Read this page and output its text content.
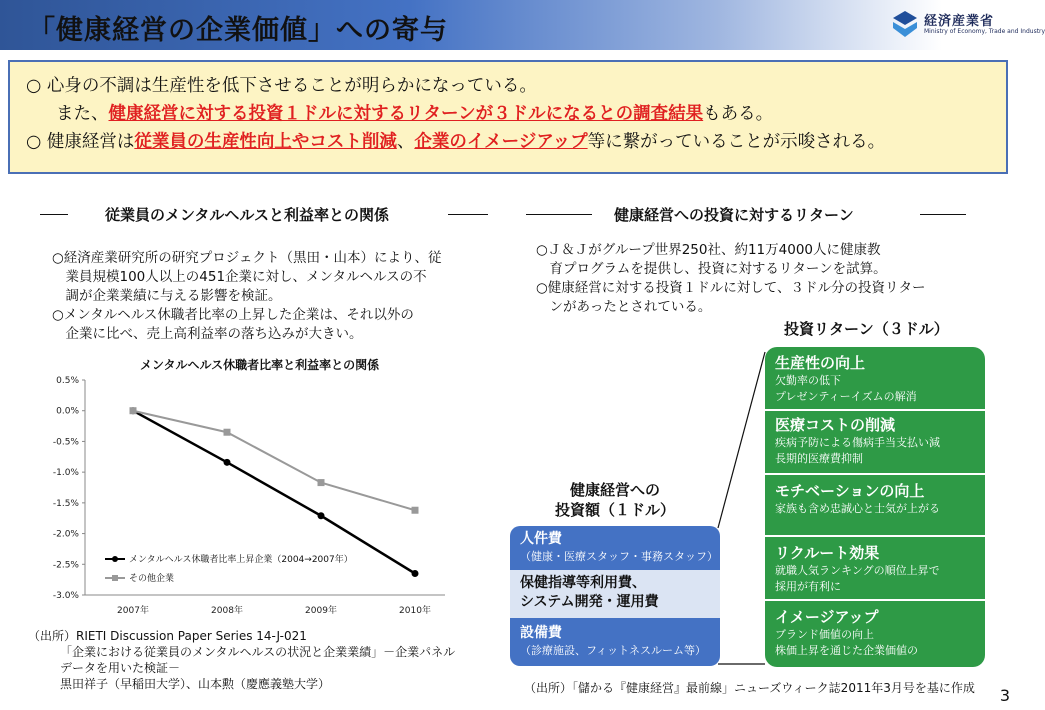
「健康経営の企業価値」への寄与	経済産業省
Ministry of Economy, Trade and Industry
○ 心身の不調は生産性を低下させることが明らかになっている。
また、健康経営に対する投資１ドルに対するリターンが３ドルになるとの調査結果もある。
○ 健康経営は従業員の生産性向上やコスト削減、企業のイメージアップ等に繋がっていることが示唆される。
従業員のメンタルヘルスと利益率との関係
○経済産業研究所の研究プロジェクト（黒田・山本）により、従
　業員規模100人以上の451企業に対し、メンタルヘルスの不
　調が企業業績に与える影響を検証。
○メンタルヘルス休職者比率の上昇した企業は、それ以外の
　企業に比べ、売上高利益率の落ち込みが大きい。
メンタルヘルス休職者比率と利益率との関係
0.5%
0.0%
-0.5%
-1.0%
-1.5%
-2.0%
-2.5%
-3.0%
2007年	2008年	2009年	2010年
メンタルヘルス休職者比率上昇企業（2004→2007年）
その他企業
（出所）RIETI Discussion Paper Series 14-J-021
「企業における従業員のメンタルヘルスの状況と企業業績」－企業パネル
データを用いた検証－
黒田祥子（早稲田大学）、山本勲（慶應義塾大学）
健康経営への投資に対するリターン
○Ｊ＆Ｊがグループ世界250社、約11万4000人に健康教
　育プログラムを提供し、投資に対するリターンを試算。
○健康経営に対する投資１ドルに対して、３ドル分の投資リター
　ンがあったとされている。
投資リターン（３ドル）
生産性の向上
欠勤率の低下
プレゼンティーイズムの解消
医療コストの削減
疾病予防による傷病手当支払い減
長期的医療費抑制
モチベーションの向上
家族も含め忠誠心と士気が上がる
リクルート効果
就職人気ランキングの順位上昇で
採用が有利に
イメージアップ
ブランド価値の向上
株価上昇を通じた企業価値の
健康経営への
投資額（１ドル）
人件費
（健康・医療スタッフ・事務スタッフ）
保健指導等利用費、
システム開発・運用費
設備費
（診療施設、フィットネスルーム等）
（出所）「儲かる『健康経営』最前線」ニューズウィーク誌2011年3月号を基に作成 3
